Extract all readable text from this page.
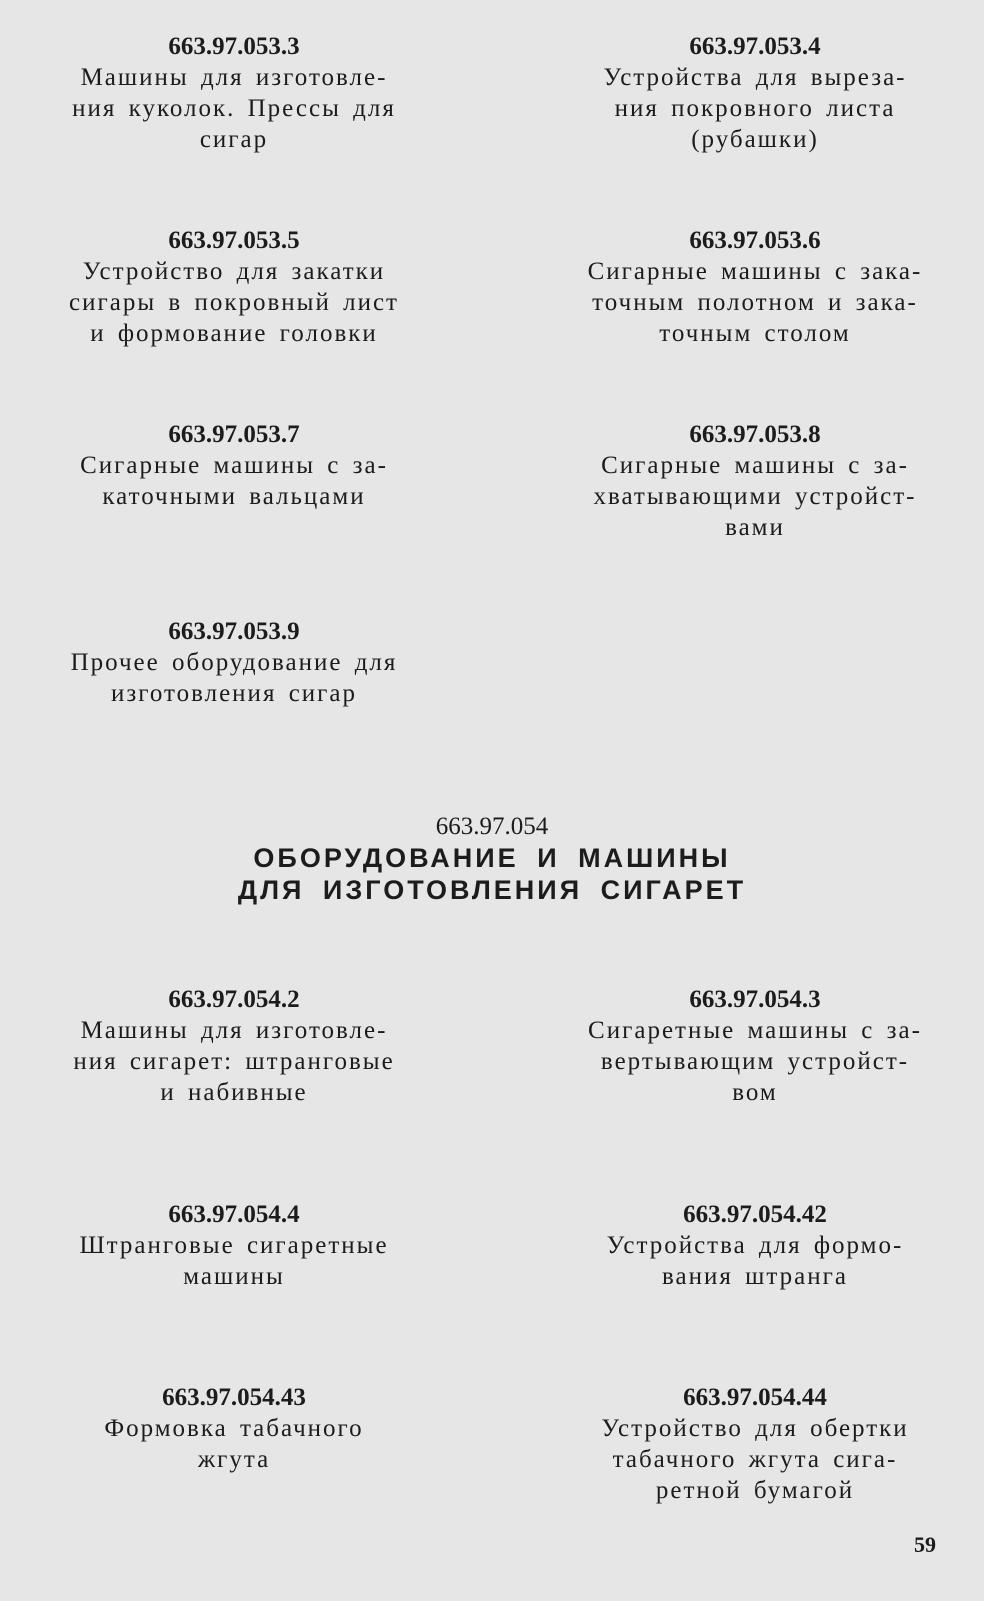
663.97.053.3
Машины для изготовле-
ния куколок. Прессы для
сигар
663.97.053.4
Устройства для выреза-
ния покровного листа
(рубашки)
663.97.053.5
Устройство для закатки
сигары в покровный лист
и формование головки
663.97.053.6
Сигарные машины с зака-
точным полотном и зака-
точным столом
663.97.053.7
Сигарные машины с за-
каточными вальцами
663.97.053.8
Сигарные машины с за-
хватывающими устройст-
вами
663.97.053.9
Прочее оборудование для
изготовления сигар
663.97.054
ОБОРУДОВАНИЕ И МАШИНЫ
ДЛЯ ИЗГОТОВЛЕНИЯ СИГАРЕТ
663.97.054.2
Машины для изготовле-
ния сигарет: штранговые
и набивные
663.97.054.3
Сигаретные машины с за-
вертывающим устройст-
вом
663.97.054.4
Штранговые сигаретные
машины
663.97.054.42
Устройства для формо-
вания штранга
663.97.054.43
Формовка табачного
жгута
663.97.054.44
Устройство для обертки
табачного жгута сига-
ретной бумагой
59
